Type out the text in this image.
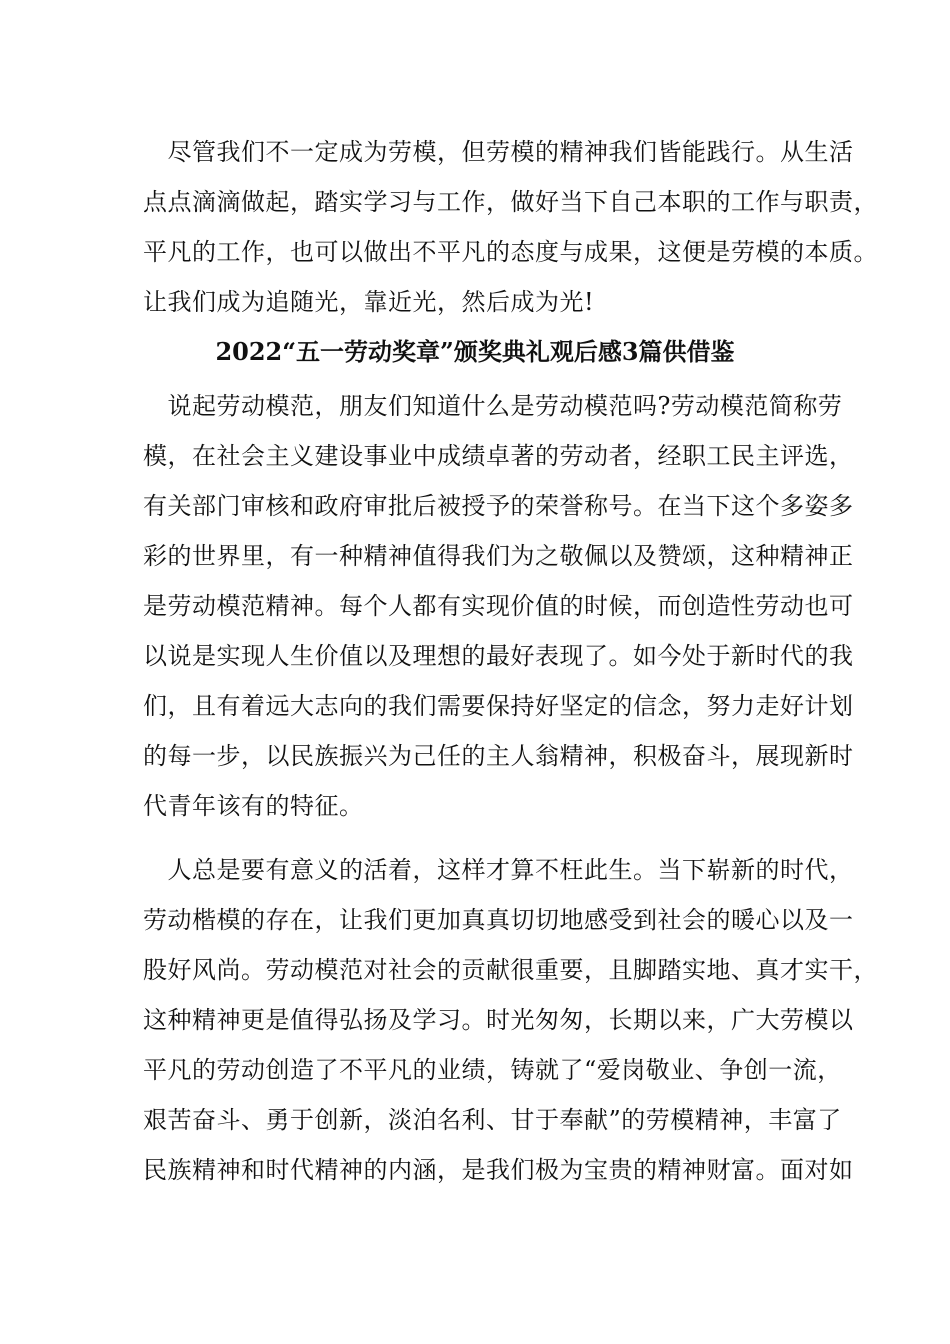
　尽管我们不一定成为劳模，但劳模的精神我们皆能践行。从生活
点点滴滴做起，踏实学习与工作，做好当下自己本职的工作与职责，
平凡的工作，也可以做出不平凡的态度与成果，这便是劳模的本质。
让我们成为追随光，靠近光，然后成为光!
2022“五一劳动奖章”颁奖典礼观后感3篇供借鉴
　说起劳动模范，朋友们知道什么是劳动模范吗?劳动模范简称劳
模，在社会主义建设事业中成绩卓著的劳动者，经职工民主评选，
有关部门审核和政府审批后被授予的荣誉称号。在当下这个多姿多
彩的世界里，有一种精神值得我们为之敬佩以及赞颂，这种精神正
是劳动模范精神。每个人都有实现价值的时候，而创造性劳动也可
以说是实现人生价值以及理想的最好表现了。如今处于新时代的我
们，且有着远大志向的我们需要保持好坚定的信念，努力走好计划
的每一步，以民族振兴为己任的主人翁精神，积极奋斗，展现新时
代青年该有的特征。
　人总是要有意义的活着，这样才算不枉此生。当下崭新的时代，
劳动楷模的存在，让我们更加真真切切地感受到社会的暖心以及一
股好风尚。劳动模范对社会的贡献很重要，且脚踏实地、真才实干，
这种精神更是值得弘扬及学习。时光匆匆，长期以来，广大劳模以
平凡的劳动创造了不平凡的业绩，铸就了“爱岗敬业、争创一流，
艰苦奋斗、勇于创新，淡泊名利、甘于奉献”的劳模精神，丰富了
民族精神和时代精神的内涵，是我们极为宝贵的精神财富。面对如
